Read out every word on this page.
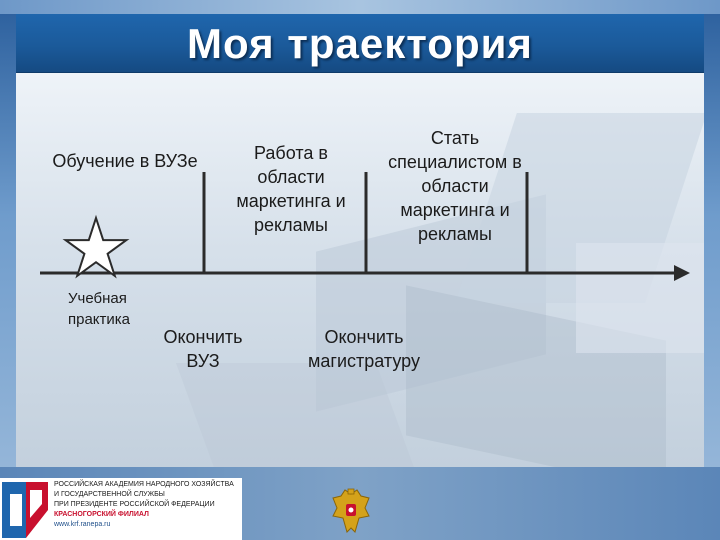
Моя траектория

Обучение в ВУЗе	Работа в
области
маркетинга и
рекламы

Стать
специалистом в
области
маркетинга и
рекламы

Учебная
практика

Окончить
ВУЗ

Окончить
магистратуру

РОССИЙСКАЯ АКАДЕМИЯ НАРОДНОГО ХОЗЯЙСТВА
И ГОСУДАРСТВЕННОЙ СЛУЖБЫ
ПРИ ПРЕЗИДЕНТЕ РОССИЙСКОЙ ФЕДЕРАЦИИ
КРАСНОГОРСКИЙ ФИЛИАЛ
www.krf.ranepa.ru
